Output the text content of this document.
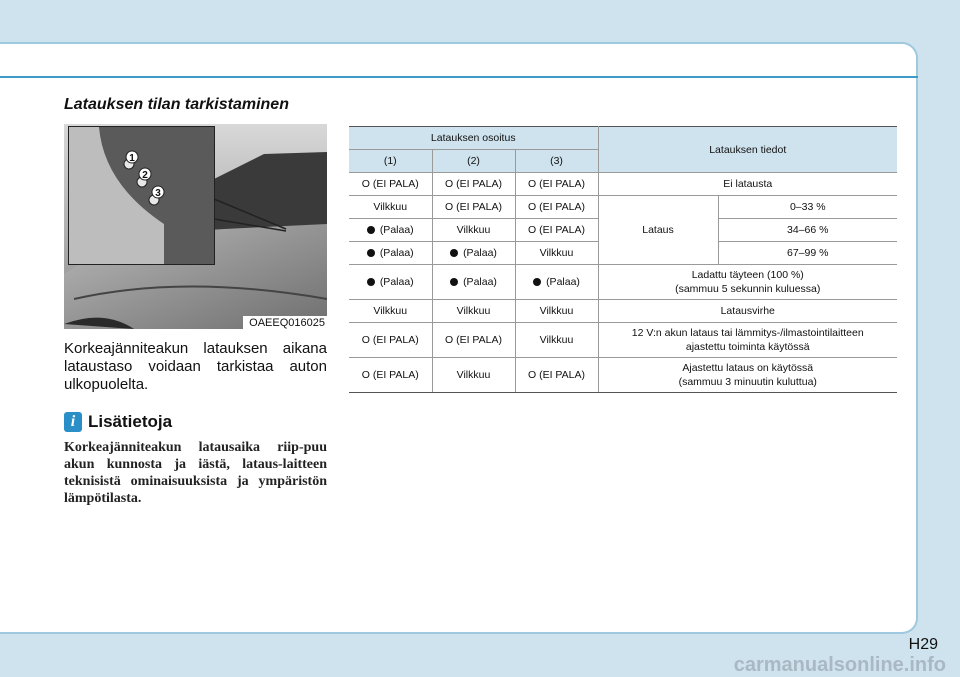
Latauksen tilan tarkistaminen
1
2
3
OAEEQ016025

Korkeajänniteakun latauksen aikana lataustaso voidaan tarkistaa auton ulkopuolelta.

i Lisätietoja

Korkeajänniteakun latausaika riip-puu akun kunnosta ja iästä, lataus-laitteen teknisistä ominaisuuksista ja ympäristön lämpötilasta.

Latauksen osoitus			Latauksen tiedot	
(1)	(2)	(3)		
O (EI PALA)	O (EI PALA)	O (EI PALA)	Ei latausta	
Vilkkuu	O (EI PALA)	O (EI PALA)	Lataus	0–33 %
(Palaa)	Vilkkuu	O (EI PALA)		34–66 %
(Palaa)	(Palaa)	Vilkkuu		67–99 %
(Palaa)	(Palaa)	(Palaa)	Ladattu täyteen (100 %)
(sammuu 5 sekunnin kuluessa)	

Vilkkuu	Vilkkuu	Vilkkuu	Latausvirhe	
O (EI PALA)	O (EI PALA)	Vilkkuu	12 V:n akun lataus tai lämmitys-/ilmastointilaitteen
ajastettu toiminta käytössä	

O (EI PALA)	Vilkkuu	O (EI PALA)	Ajastettu lataus on käytössä
(sammuu 3 minuutin kuluttua)	
H29
carmanualsonline.info
